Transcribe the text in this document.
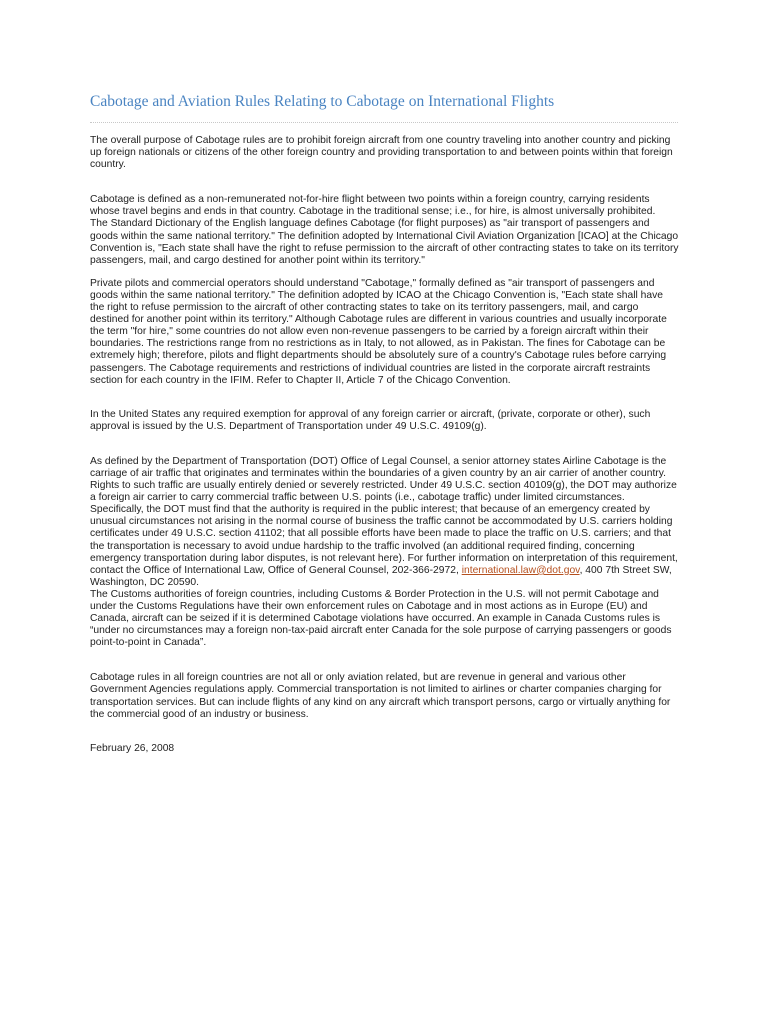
Cabotage and Aviation Rules Relating to Cabotage on International Flights

The overall purpose of Cabotage rules are to prohibit foreign aircraft from one country traveling into another country and picking up foreign nationals or citizens of the other foreign country and providing transportation to and between points within that foreign country.

Cabotage is defined as a non-remunerated not-for-hire flight between two points within a foreign country, carrying residents whose travel begins and ends in that country. Cabotage in the traditional sense; i.e., for hire, is almost universally prohibited.

The Standard Dictionary of the English language defines Cabotage (for flight purposes) as "air transport of passengers and goods within the same national territory." The definition adopted by International Civil Aviation Organization [ICAO] at the Chicago Convention is, "Each state shall have the right to refuse permission to the aircraft of other contracting states to take on its territory passengers, mail, and cargo destined for another point within its territory."

Private pilots and commercial operators should understand "Cabotage," formally defined as "air transport of passengers and goods within the same national territory." The definition adopted by ICAO at the Chicago Convention is, "Each state shall have the right to refuse permission to the aircraft of other contracting states to take on its territory passengers, mail, and cargo destined for another point within its territory." Although Cabotage rules are different in various countries and usually incorporate the term "for hire," some countries do not allow even non-revenue passengers to be carried by a foreign aircraft within their boundaries. The restrictions range from no restrictions as in Italy, to not allowed, as in Pakistan. The fines for Cabotage can be extremely high; therefore, pilots and flight departments should be absolutely sure of a country's Cabotage rules before carrying passengers. The Cabotage requirements and restrictions of individual countries are listed in the corporate aircraft restraints section for each country in the IFIM. Refer to Chapter II, Article 7 of the Chicago Convention.

In the United States any required exemption for approval of any foreign carrier or aircraft, (private, corporate or other), such approval is issued by the U.S. Department of Transportation under 49 U.S.C. 49109(g).

As defined by the Department of Transportation (DOT) Office of Legal Counsel, a senior attorney states Airline Cabotage is the carriage of air traffic that originates and terminates within the boundaries of a given country by an air carrier of another country. Rights to such traffic are usually entirely denied or severely restricted. Under 49 U.S.C. section 40109(g), the DOT may authorize a foreign air carrier to carry commercial traffic between U.S. points (i.e., cabotage traffic) under limited circumstances. Specifically, the DOT must find that the authority is required in the public interest; that because of an emergency created by unusual circumstances not arising in the normal course of business the traffic cannot be accommodated by U.S. carriers holding certificates under 49 U.S.C. section 41102; that all possible efforts have been made to place the traffic on U.S. carriers; and that the transportation is necessary to avoid undue hardship to the traffic involved (an additional required finding, concerning emergency transportation during labor disputes, is not relevant here). For further information on interpretation of this requirement, contact the Office of International Law, Office of General Counsel, 202-366-2972, international.law@dot.gov, 400 7th Street SW, Washington, DC 20590.

The Customs authorities of foreign countries, including Customs & Border Protection in the U.S. will not permit Cabotage and under the Customs Regulations have their own enforcement rules on Cabotage and in most actions as in Europe (EU) and Canada, aircraft can be seized if it is determined Cabotage violations have occurred. An example in Canada Customs rules is “under no circumstances may a foreign non-tax-paid aircraft enter Canada for the sole purpose of carrying passengers or goods point-to-point in Canada”.

Cabotage rules in all foreign countries are not all or only aviation related, but are revenue in general and various other Government Agencies regulations apply. Commercial transportation is not limited to airlines or charter companies charging for transportation services. But can include flights of any kind on any aircraft which transport persons, cargo or virtually anything for the commercial good of an industry or business.

February 26, 2008
